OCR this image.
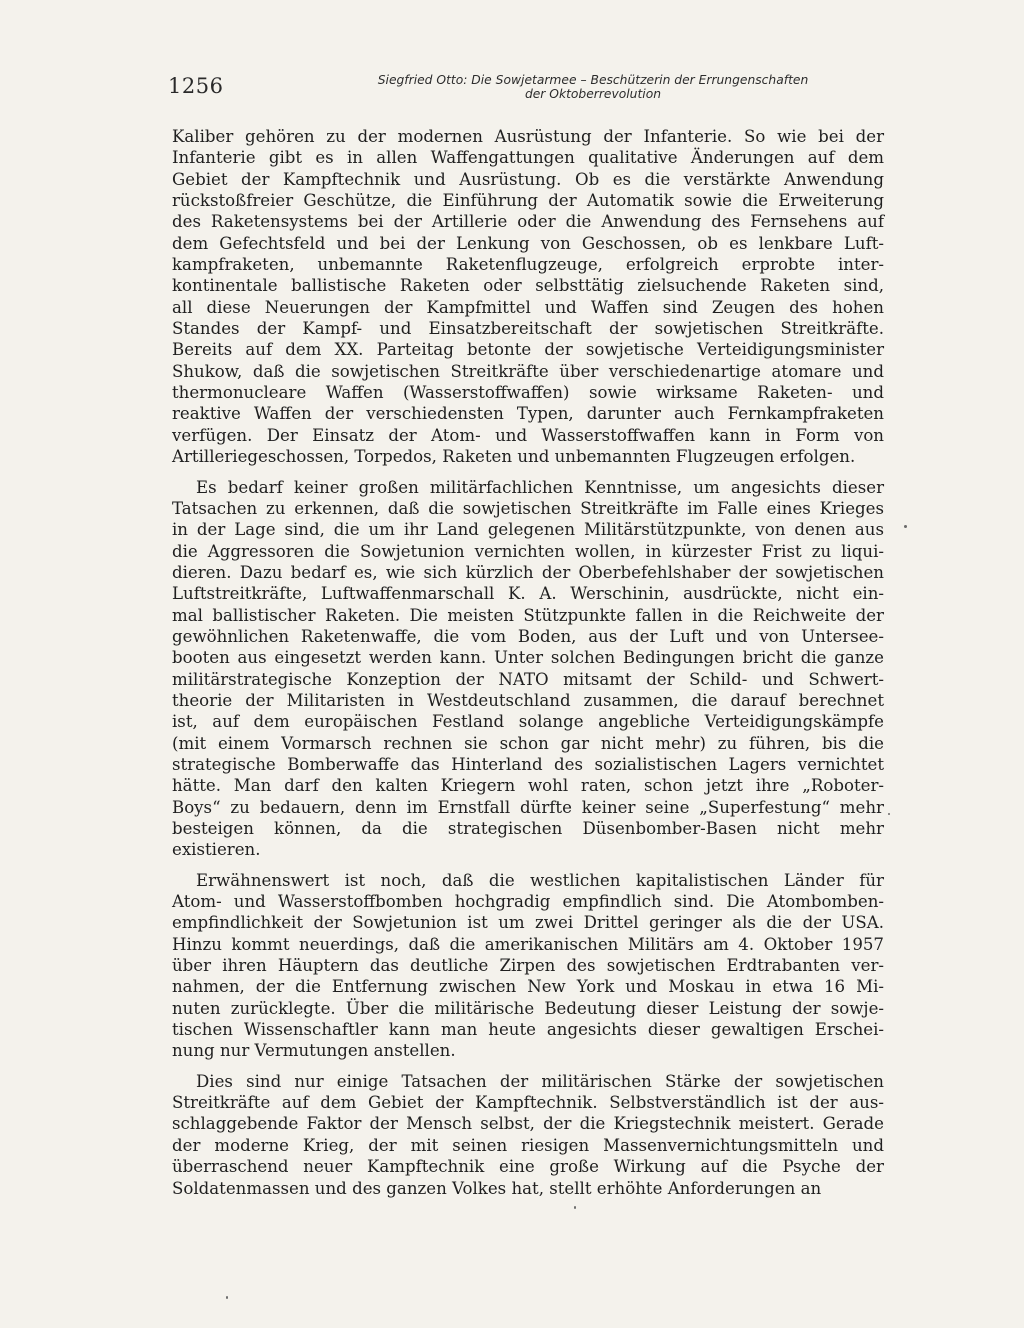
1256	Siegfried Otto: Die Sowjetarmee – Beschützerin der Errungenschaften
der Oktoberrevolution
Kaliber gehören zu der modernen Ausrüstung der Infanterie. So wie bei der
Infanterie gibt es in allen Waffengattungen qualitative Änderungen auf dem
Gebiet der Kampftechnik und Ausrüstung. Ob es die verstärkte Anwendung
rückstoßfreier Geschütze, die Einführung der Automatik sowie die Erweiterung
des Raketensystems bei der Artillerie oder die Anwendung des Fernsehens auf
dem Gefechtsfeld und bei der Lenkung von Geschossen, ob es lenkbare Luft-
kampfraketen, unbemannte Raketenflugzeuge, erfolgreich erprobte inter-
kontinentale ballistische Raketen oder selbsttätig zielsuchende Raketen sind,
all diese Neuerungen der Kampfmittel und Waffen sind Zeugen des hohen
Standes der Kampf- und Einsatzbereitschaft der sowjetischen Streitkräfte.
Bereits auf dem XX. Parteitag betonte der sowjetische Verteidigungsminister
Shukow, daß die sowjetischen Streitkräfte über verschiedenartige atomare und
thermonucleare Waffen (Wasserstoffwaffen) sowie wirksame Raketen- und
reaktive Waffen der verschiedensten Typen, darunter auch Fernkampfraketen
verfügen. Der Einsatz der Atom- und Wasserstoffwaffen kann in Form von
Artilleriegeschossen, Torpedos, Raketen und unbemannten Flugzeugen erfolgen.
Es bedarf keiner großen militärfachlichen Kenntnisse, um angesichts dieser
Tatsachen zu erkennen, daß die sowjetischen Streitkräfte im Falle eines Krieges
in der Lage sind, die um ihr Land gelegenen Militärstützpunkte, von denen aus
die Aggressoren die Sowjetunion vernichten wollen, in kürzester Frist zu liqui-
dieren. Dazu bedarf es, wie sich kürzlich der Oberbefehlshaber der sowjetischen
Luftstreitkräfte, Luftwaffenmarschall K. A. Werschinin, ausdrückte, nicht ein-
mal ballistischer Raketen. Die meisten Stützpunkte fallen in die Reichweite der
gewöhnlichen Raketenwaffe, die vom Boden, aus der Luft und von Untersee-
booten aus eingesetzt werden kann. Unter solchen Bedingungen bricht die ganze
militärstrategische Konzeption der NATO mitsamt der Schild- und Schwert-
theorie der Militaristen in Westdeutschland zusammen, die darauf berechnet
ist, auf dem europäischen Festland solange angebliche Verteidigungskämpfe
(mit einem Vormarsch rechnen sie schon gar nicht mehr) zu führen, bis die
strategische Bomberwaffe das Hinterland des sozialistischen Lagers vernichtet
hätte. Man darf den kalten Kriegern wohl raten, schon jetzt ihre „Roboter-
Boys“ zu bedauern, denn im Ernstfall dürfte keiner seine „Superfestung“ mehr
besteigen können, da die strategischen Düsenbomber-Basen nicht mehr
existieren.
Erwähnenswert ist noch, daß die westlichen kapitalistischen Länder für
Atom- und Wasserstoffbomben hochgradig empfindlich sind. Die Atombomben-
empfindlichkeit der Sowjetunion ist um zwei Drittel geringer als die der USA.
Hinzu kommt neuerdings, daß die amerikanischen Militärs am 4. Oktober 1957
über ihren Häuptern das deutliche Zirpen des sowjetischen Erdtrabanten ver-
nahmen, der die Entfernung zwischen New York und Moskau in etwa 16 Mi-
nuten zurücklegte. Über die militärische Bedeutung dieser Leistung der sowje-
tischen Wissenschaftler kann man heute angesichts dieser gewaltigen Erschei-
nung nur Vermutungen anstellen.
Dies sind nur einige Tatsachen der militärischen Stärke der sowjetischen
Streitkräfte auf dem Gebiet der Kampftechnik. Selbstverständlich ist der aus-
schlaggebende Faktor der Mensch selbst, der die Kriegstechnik meistert. Gerade
der moderne Krieg, der mit seinen riesigen Massenvernichtungsmitteln und
überraschend neuer Kampftechnik eine große Wirkung auf die Psyche der
Soldatenmassen und des ganzen Volkes hat, stellt erhöhte Anforderungen an
